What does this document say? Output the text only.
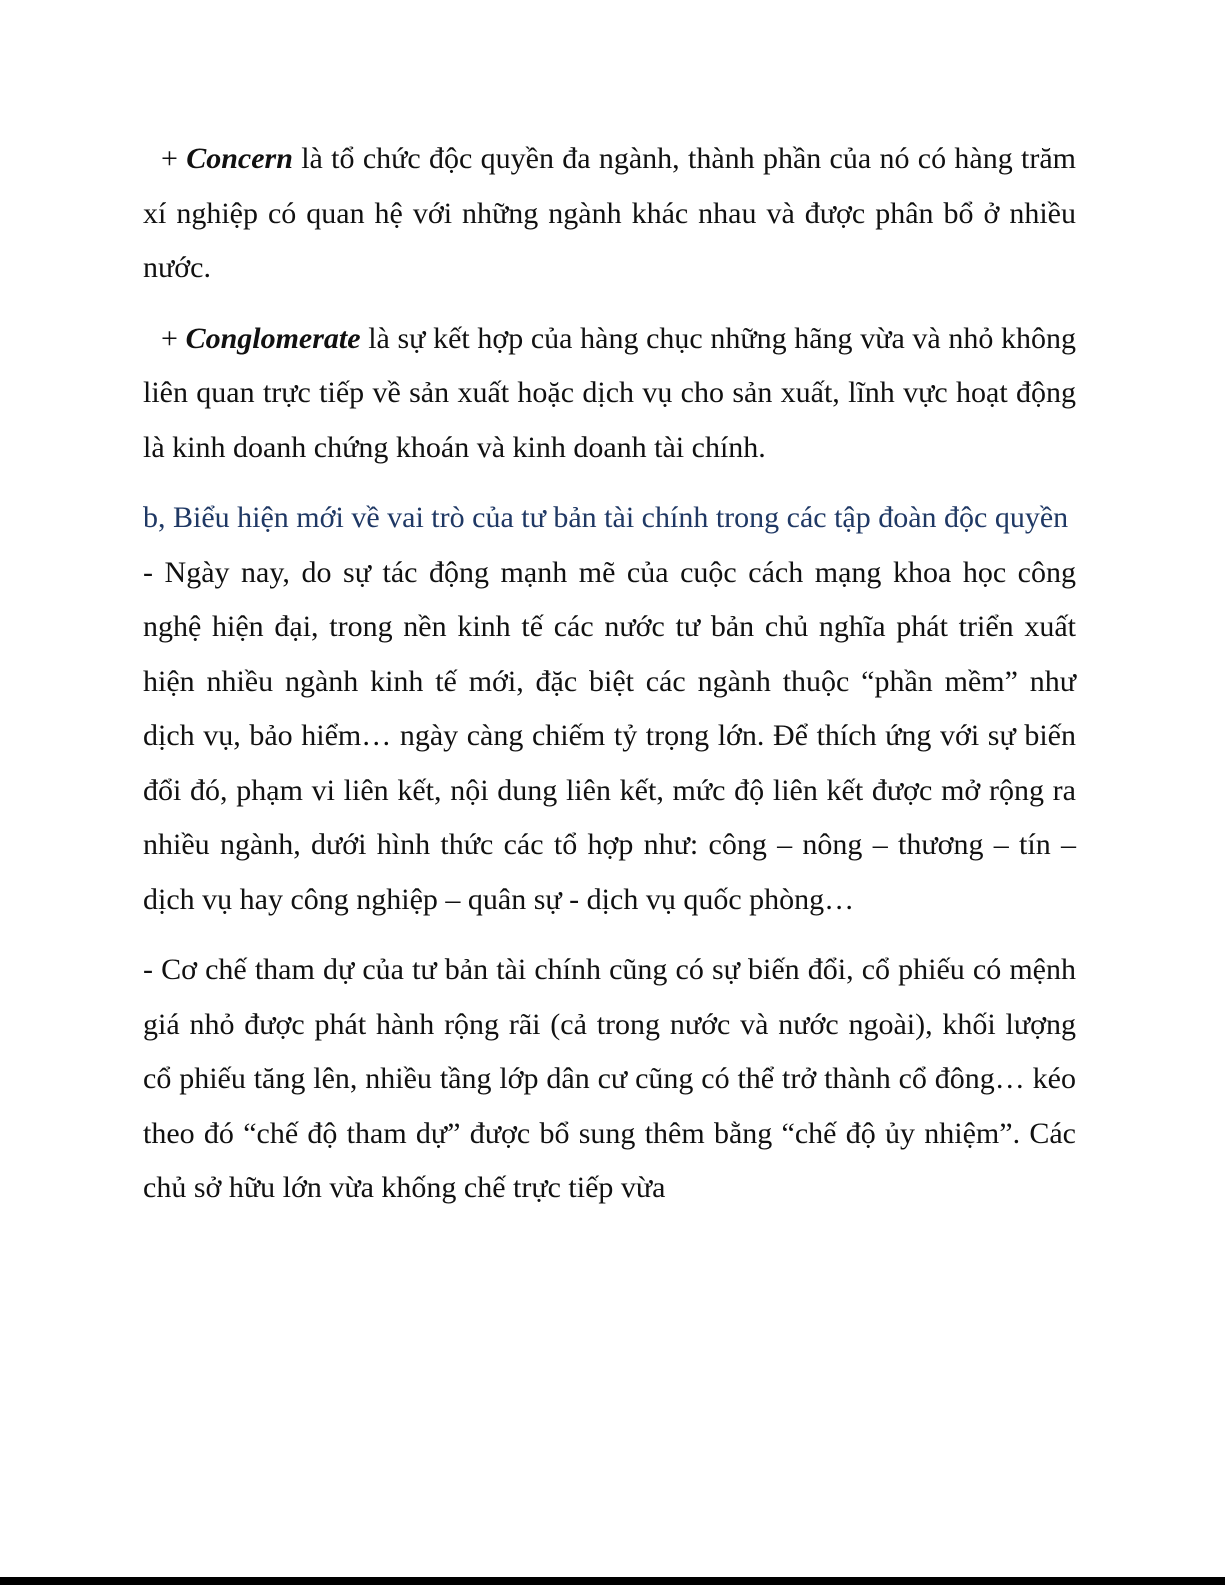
+ Concern là tổ chức độc quyền đa ngành, thành phần của nó có hàng trăm xí nghiệp có quan hệ với những ngành khác nhau và được phân bổ ở nhiều nước.

+ Conglomerate là sự kết hợp của hàng chục những hãng vừa và nhỏ không liên quan trực tiếp về sản xuất hoặc dịch vụ cho sản xuất, lĩnh vực hoạt động là kinh doanh chứng khoán và kinh doanh tài chính.

b, Biểu hiện mới về vai trò của tư bản tài chính trong các tập đoàn độc quyền

- Ngày nay, do sự tác động mạnh mẽ của cuộc cách mạng khoa học công nghệ hiện đại, trong nền kinh tế các nước tư bản chủ nghĩa phát triển xuất hiện nhiều ngành kinh tế mới, đặc biệt các ngành thuộc “phần mềm” như dịch vụ, bảo hiểm… ngày càng chiếm tỷ trọng lớn. Để thích ứng với sự biến đổi đó, phạm vi liên kết, nội dung liên kết, mức độ liên kết được mở rộng ra nhiều ngành, dưới hình thức các tổ hợp như: công – nông – thương – tín – dịch vụ hay công nghiệp – quân sự - dịch vụ quốc phòng…

- Cơ chế tham dự của tư bản tài chính cũng có sự biến đổi, cổ phiếu có mệnh giá nhỏ được phát hành rộng rãi (cả trong nước và nước ngoài), khối lượng cổ phiếu tăng lên, nhiều tầng lớp dân cư cũng có thể trở thành cổ đông… kéo theo đó “chế độ tham dự” được bổ sung thêm bằng “chế độ ủy nhiệm”. Các chủ sở hữu lớn vừa khống chế trực tiếp vừa
